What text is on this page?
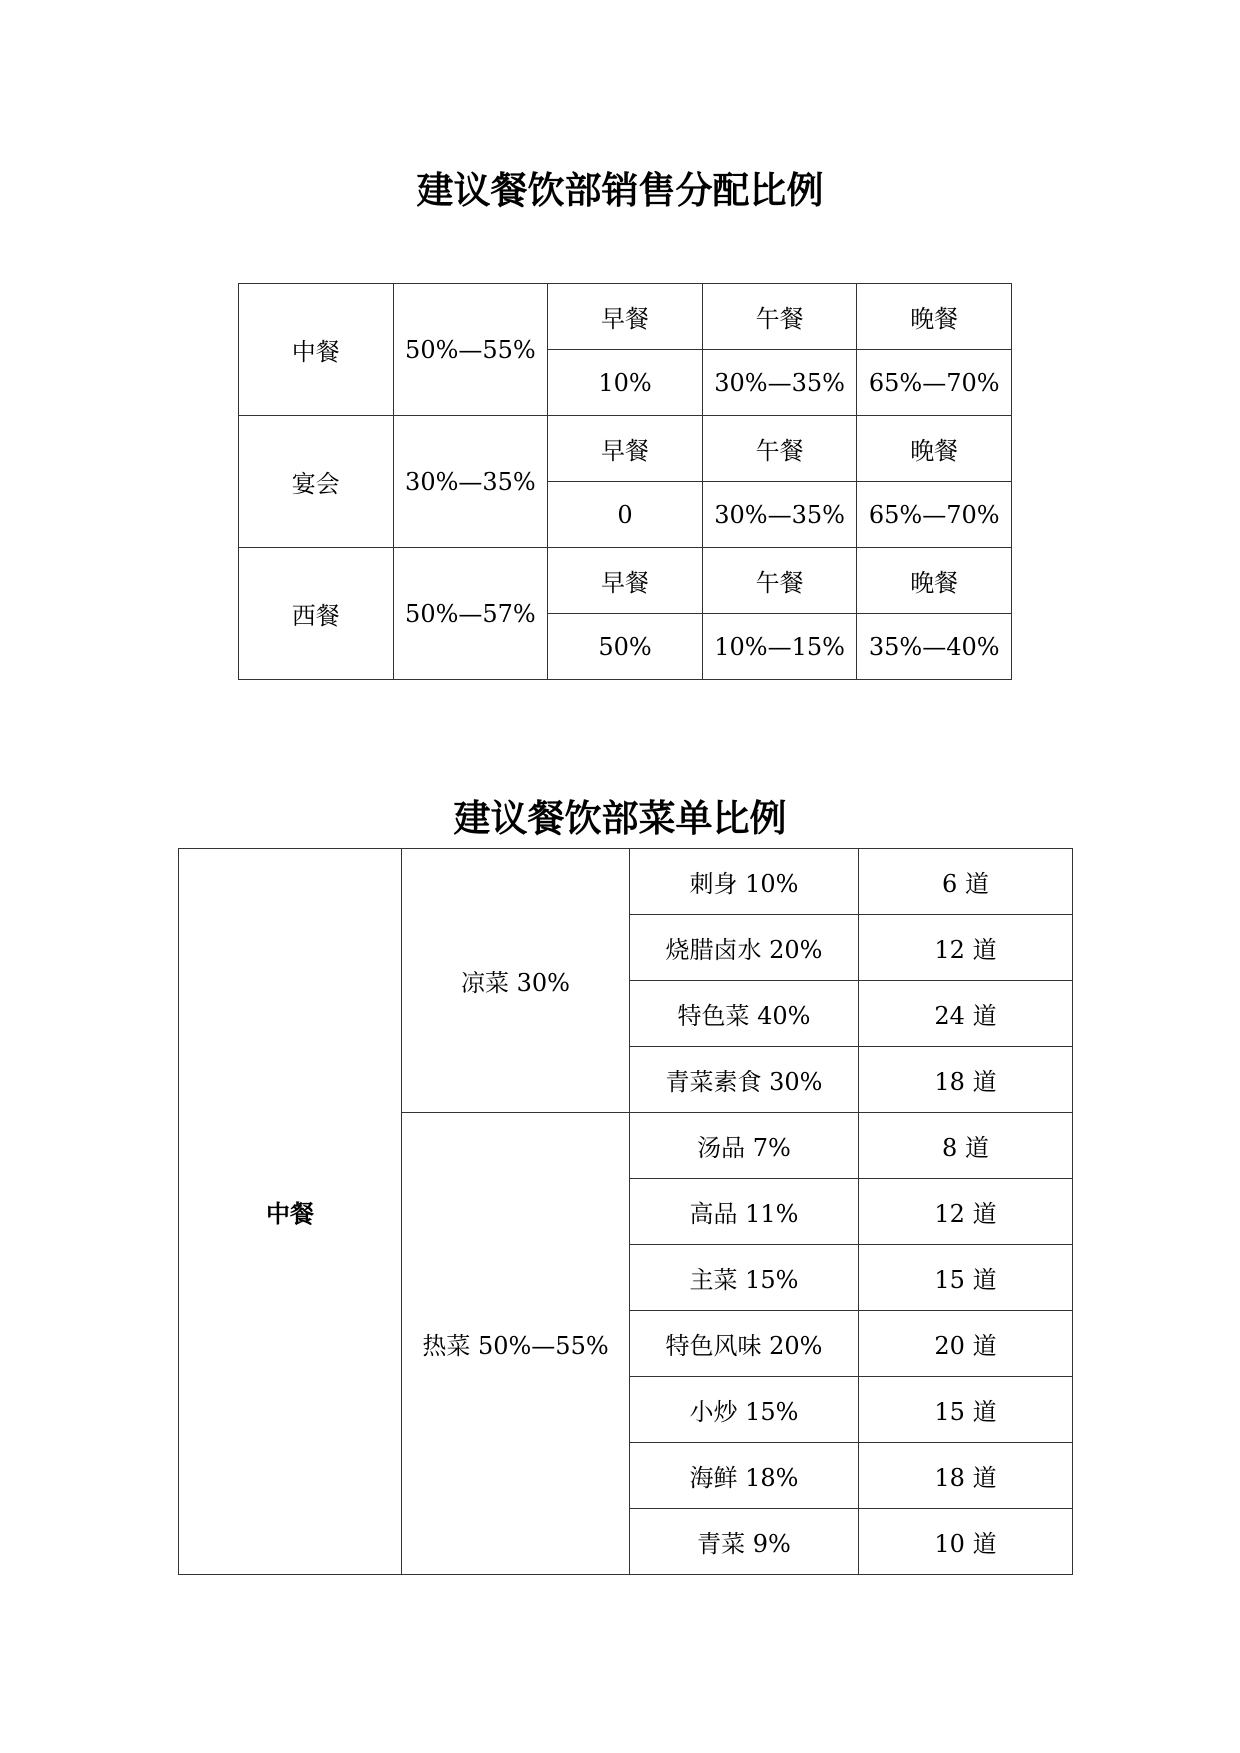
建议餐饮部销售分配比例
中餐	50%—55%	早餐	午餐	晚餐
		10%	30%—35%	65%—70%
宴会	30%—35%	早餐	午餐	晚餐
		0	30%—35%	65%—70%
西餐	50%—57%	早餐	午餐	晚餐
		50%	10%—15%	35%—40%
建议餐饮部菜单比例
中餐	凉菜 30%	刺身 10%	6 道
		烧腊卤水 20%	12 道
		特色菜 40%	24 道
		青菜素食 30%	18 道
	热菜 50%—55%	汤品 7%	8 道
		高品 11%	12 道
		主菜 15%	15 道
		特色风味 20%	20 道
		小炒 15%	15 道
		海鲜 18%	18 道
		青菜 9%	10 道
